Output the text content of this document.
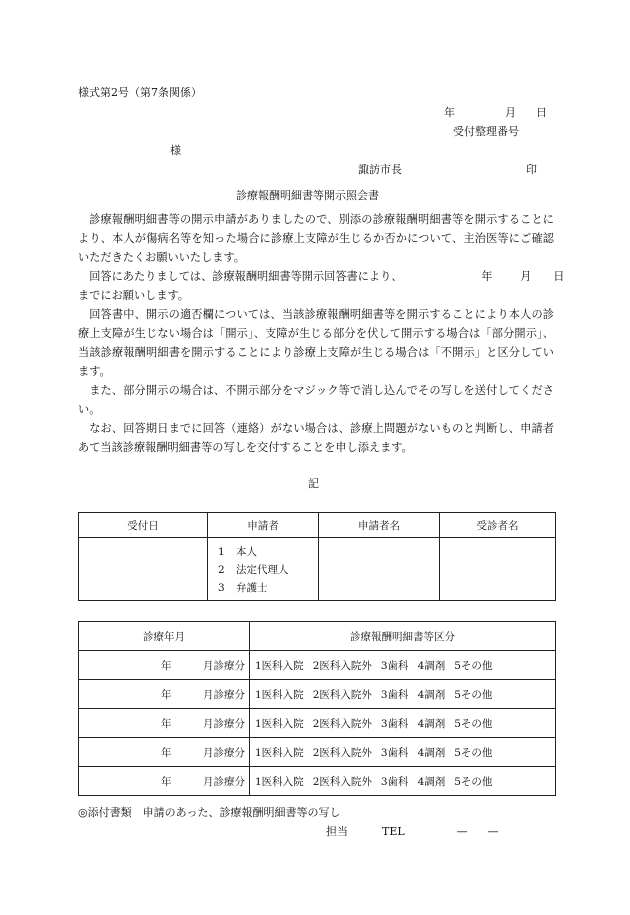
様式第2号（第7条関係）
年	月 日
受付整理番号
様
諏訪市長	印
診療報酬明細書等開示照会書

診療報酬明細書等の開示申請がありましたので、別添の診療報酬明細書等を開示することにより、本人が傷病名等を知った場合に診療上支障が生じるか否かについて、主治医等にご確認いただきたくお願いいたします。

回答にあたりましては、診療報酬明細書等開示回答書により、	年	月	日

までにお願いします。

回答書中、開示の適否欄については、当該診療報酬明細書等を開示することにより本人の診療上支障が生じない場合は「開示」、支障が生じる部分を伏して開示する場合は「部分開示」、当該診療報酬明細書を開示することにより診療上支障が生じる場合は「不開示」と区分しています。

また、部分開示の場合は、不開示部分をマジック等で消し込んでその写しを送付してください。

なお、回答期日までに回答（連絡）がない場合は、診療上問題がないものと判断し、申請者あて当該診療報酬明細書等の写しを交付することを申し添えます。

記
受付日	申請者	申請者名	受診者名

	1 本人
2 法定代理人
3 弁護士		

診療年月	診療報酬明細書等区分

年 月診療分	1医科入院 2医科入院外 3歯科 4調剤 5その他

年 月診療分	1医科入院 2医科入院外 3歯科 4調剤 5その他

年 月診療分	1医科入院 2医科入院外 3歯科 4調剤 5その他

年 月診療分	1医科入院 2医科入院外 3歯科 4調剤 5その他

年 月診療分	1医科入院 2医科入院外 3歯科 4調剤 5その他
◎添付書類　申請のあった、診療報酬明細書等の写し
担当	TEL	— —
